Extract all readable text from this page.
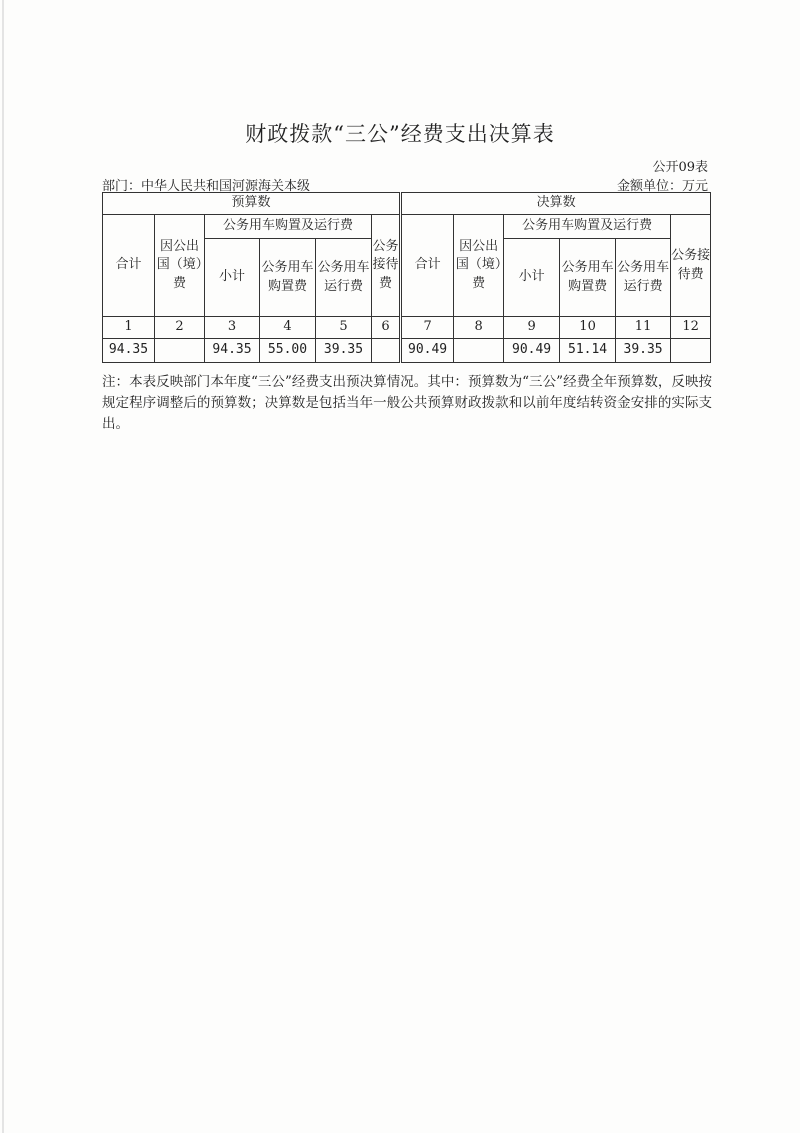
财政拨款“三公”经费支出决算表
公开09表
部门：中华人民共和国河源海关本级	金额单位：万元
预算数							决算数					
合计	因公出国（境）费	公务用车购置及运行费			公务接待费		合计	因公出国（境）费	公务用车购置及运行费			公务接待费
		小计	公务用车购置费	公务用车运行费					小计	公务用车购置费	公务用车运行费	
1	2	3	4	5	6		7	8	9	10	11	12
94.35		94.35	55.00	39.35			90.49		90.49	51.14	39.35	
注：本表反映部门本年度“三公”经费支出预决算情况。其中：预算数为“三公”经费全年预算数，反映按规定程序调整后的预算数；决算数是包括当年一般公共预算财政拨款和以前年度结转资金安排的实际支出。
